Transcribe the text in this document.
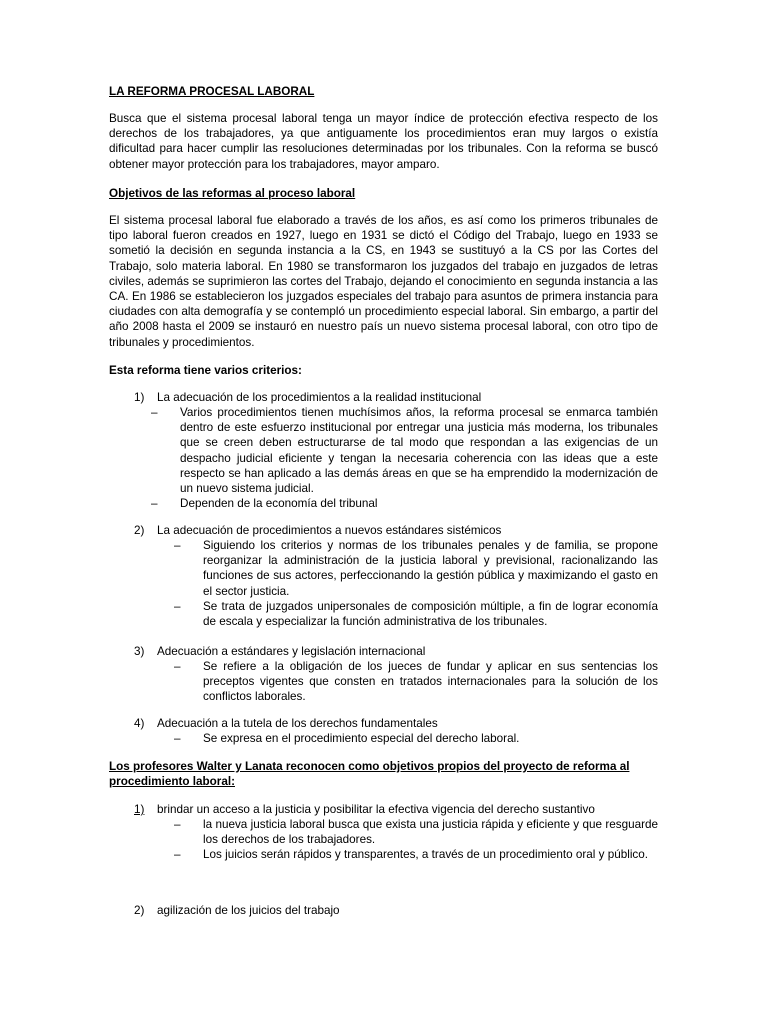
LA REFORMA PROCESAL LABORAL
Busca que el sistema procesal laboral tenga un mayor índice de protección efectiva respecto de los derechos de los trabajadores, ya que antiguamente los procedimientos eran muy largos o existía dificultad para hacer cumplir las resoluciones determinadas por los tribunales. Con la reforma se buscó obtener mayor protección para los trabajadores, mayor amparo.
Objetivos de las reformas al proceso laboral
El sistema procesal laboral fue elaborado a través de los años, es así como los primeros tribunales de tipo laboral fueron creados en 1927, luego en 1931 se dictó el Código del Trabajo, luego en 1933 se sometió la decisión en segunda instancia a la CS, en 1943 se sustituyó a la CS por las Cortes del Trabajo, solo materia laboral. En 1980 se transformaron los juzgados del trabajo en juzgados de letras civiles, además se suprimieron las cortes del Trabajo, dejando el conocimiento en segunda instancia a las CA. En 1986 se establecieron los juzgados especiales del trabajo para asuntos de primera instancia para ciudades con alta demografía y se contempló un procedimiento especial laboral. Sin embargo, a partir del año 2008 hasta el 2009 se instauró en nuestro país un nuevo sistema procesal laboral, con otro tipo de tribunales y procedimientos.
Esta reforma tiene varios criterios:
1) La adecuación de los procedimientos a la realidad institucional
– Varios procedimientos tienen muchísimos años, la reforma procesal se enmarca también dentro de este esfuerzo institucional por entregar una justicia más moderna, los tribunales que se creen deben estructurarse de tal modo que respondan a las exigencias de un despacho judicial eficiente y tengan la necesaria coherencia con las ideas que a este respecto se han aplicado a las demás áreas en que se ha emprendido la modernización de un nuevo sistema judicial.
– Dependen de la economía del tribunal
2) La adecuación de procedimientos a nuevos estándares sistémicos
– Siguiendo los criterios y normas de los tribunales penales y de familia, se propone reorganizar la administración de la justicia laboral y previsional, racionalizando las funciones de sus actores, perfeccionando la gestión pública y maximizando el gasto en el sector justicia.
– Se trata de juzgados unipersonales de composición múltiple, a fin de lograr economía de escala y especializar la función administrativa de los tribunales.
3) Adecuación a estándares y legislación internacional
– Se refiere a la obligación de los jueces de fundar y aplicar en sus sentencias los preceptos vigentes que consten en tratados internacionales para la solución de los conflictos laborales.
4) Adecuación a la tutela de los derechos fundamentales
– Se expresa en el procedimiento especial del derecho laboral.
Los profesores Walter y Lanata reconocen como objetivos propios del proyecto de reforma al procedimiento laboral:
1)	brindar un acceso a la justicia y posibilitar la efectiva vigencia del derecho sustantivo
– la nueva justicia laboral busca que exista una justicia rápida y eficiente y que resguarde los derechos de los trabajadores.
– Los juicios serán rápidos y transparentes, a través de un procedimiento oral y público.
2) agilización de los juicios del trabajo
